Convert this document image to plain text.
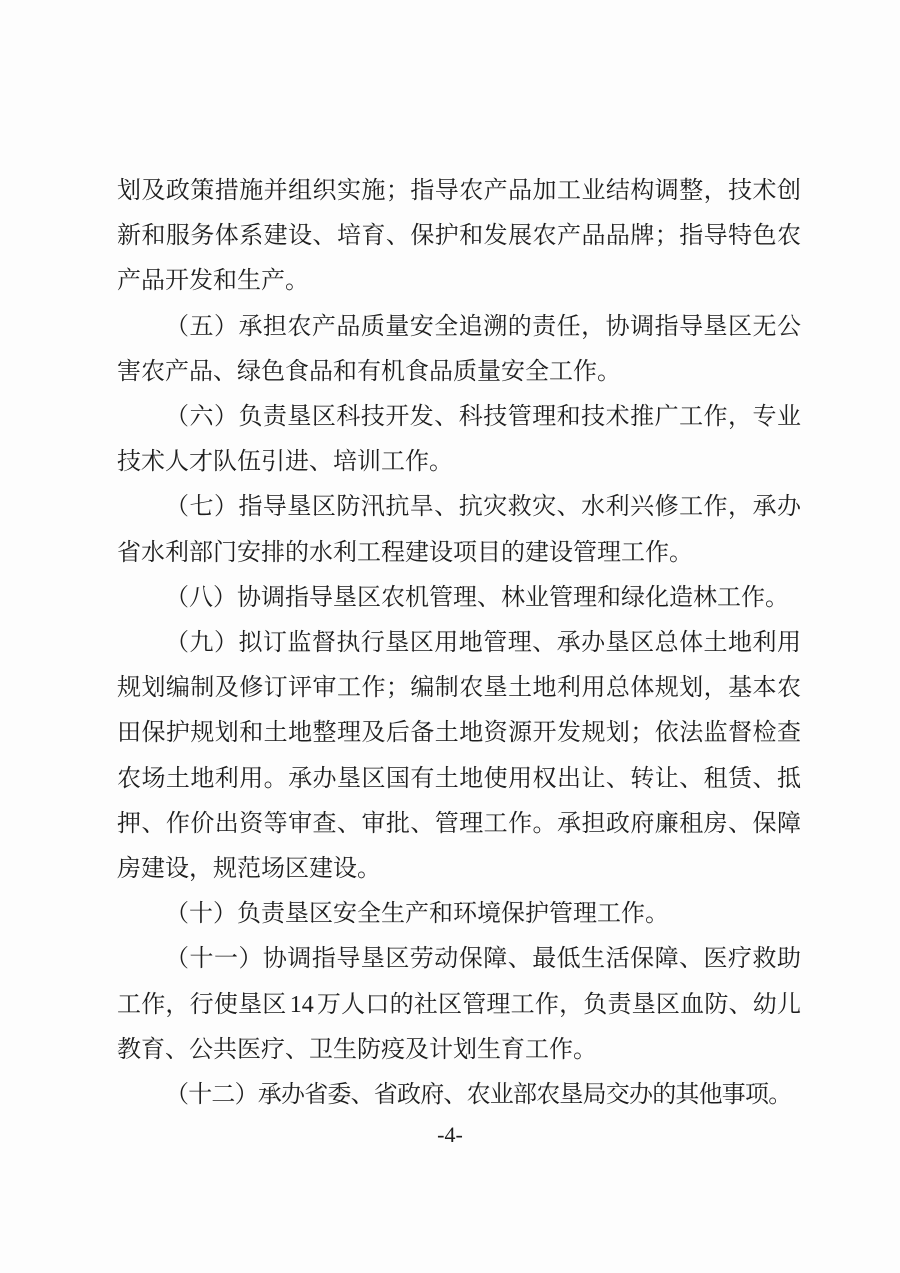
划及政策措施并组织实施；指导农产品加工业结构调整，技术创新和服务体系建设、培育、保护和发展农产品品牌；指导特色农产品开发和生产。

（五）承担农产品质量安全追溯的责任，协调指导垦区无公害农产品、绿色食品和有机食品质量安全工作。

（六）负责垦区科技开发、科技管理和技术推广工作，专业技术人才队伍引进、培训工作。

（七）指导垦区防汛抗旱、抗灾救灾、水利兴修工作，承办省水利部门安排的水利工程建设项目的建设管理工作。

（八）协调指导垦区农机管理、林业管理和绿化造林工作。

（九）拟订监督执行垦区用地管理、承办垦区总体土地利用规划编制及修订评审工作；编制农垦土地利用总体规划，基本农田保护规划和土地整理及后备土地资源开发规划；依法监督检查农场土地利用。承办垦区国有土地使用权出让、转让、租赁、抵押、作价出资等审查、审批、管理工作。承担政府廉租房、保障房建设，规范场区建设。

（十）负责垦区安全生产和环境保护管理工作。

（十一）协调指导垦区劳动保障、最低生活保障、医疗救助工作，行使垦区 14 万人口的社区管理工作，负责垦区血防、幼儿教育、公共医疗、卫生防疫及计划生育工作。

（十二）承办省委、省政府、农业部农垦局交办的其他事项。

-4-
